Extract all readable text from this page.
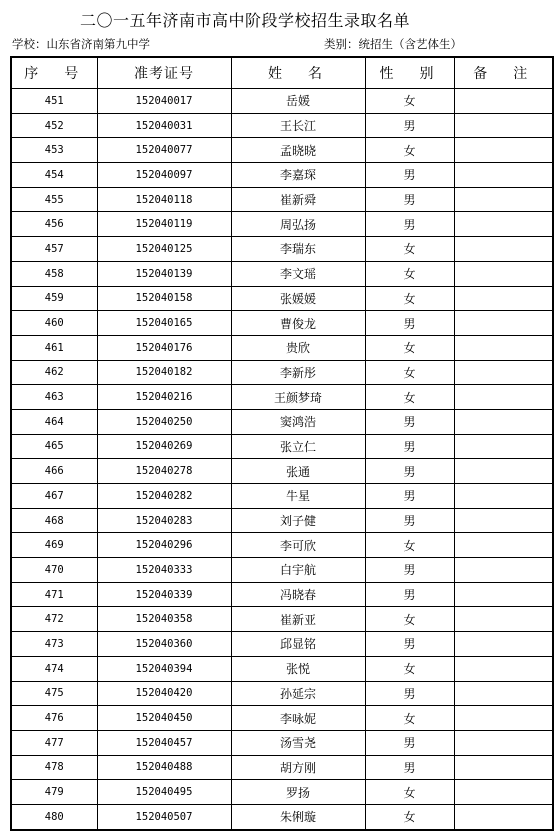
二〇一五年济南市高中阶段学校招生录取名单
学校：山东省济南第九中学	类别：统招生（含艺体生）
序　号	准考证号	姓　名	性　别	备　注
451	152040017	岳媛	女	
452	152040031	王长江	男	
453	152040077	孟晓晓	女	
454	152040097	李嘉琛	男	
455	152040118	崔新舜	男	
456	152040119	周弘扬	男	
457	152040125	李瑞东	女	
458	152040139	李文瑶	女	
459	152040158	张媛媛	女	
460	152040165	曹俊龙	男	
461	152040176	贵欣	女	
462	152040182	李新彤	女	
463	152040216	王颜梦琦	女	
464	152040250	窦鸿浩	男	
465	152040269	张立仁	男	
466	152040278	张通	男	
467	152040282	牛星	男	
468	152040283	刘子健	男	
469	152040296	李可欣	女	
470	152040333	白宇航	男	
471	152040339	冯晓春	男	
472	152040358	崔新亚	女	
473	152040360	邱显铭	男	
474	152040394	张悦	女	
475	152040420	孙延宗	男	
476	152040450	李咏妮	女	
477	152040457	汤雪尧	男	
478	152040488	胡方刚	男	
479	152040495	罗扬	女	
480	152040507	朱俐璇	女	
